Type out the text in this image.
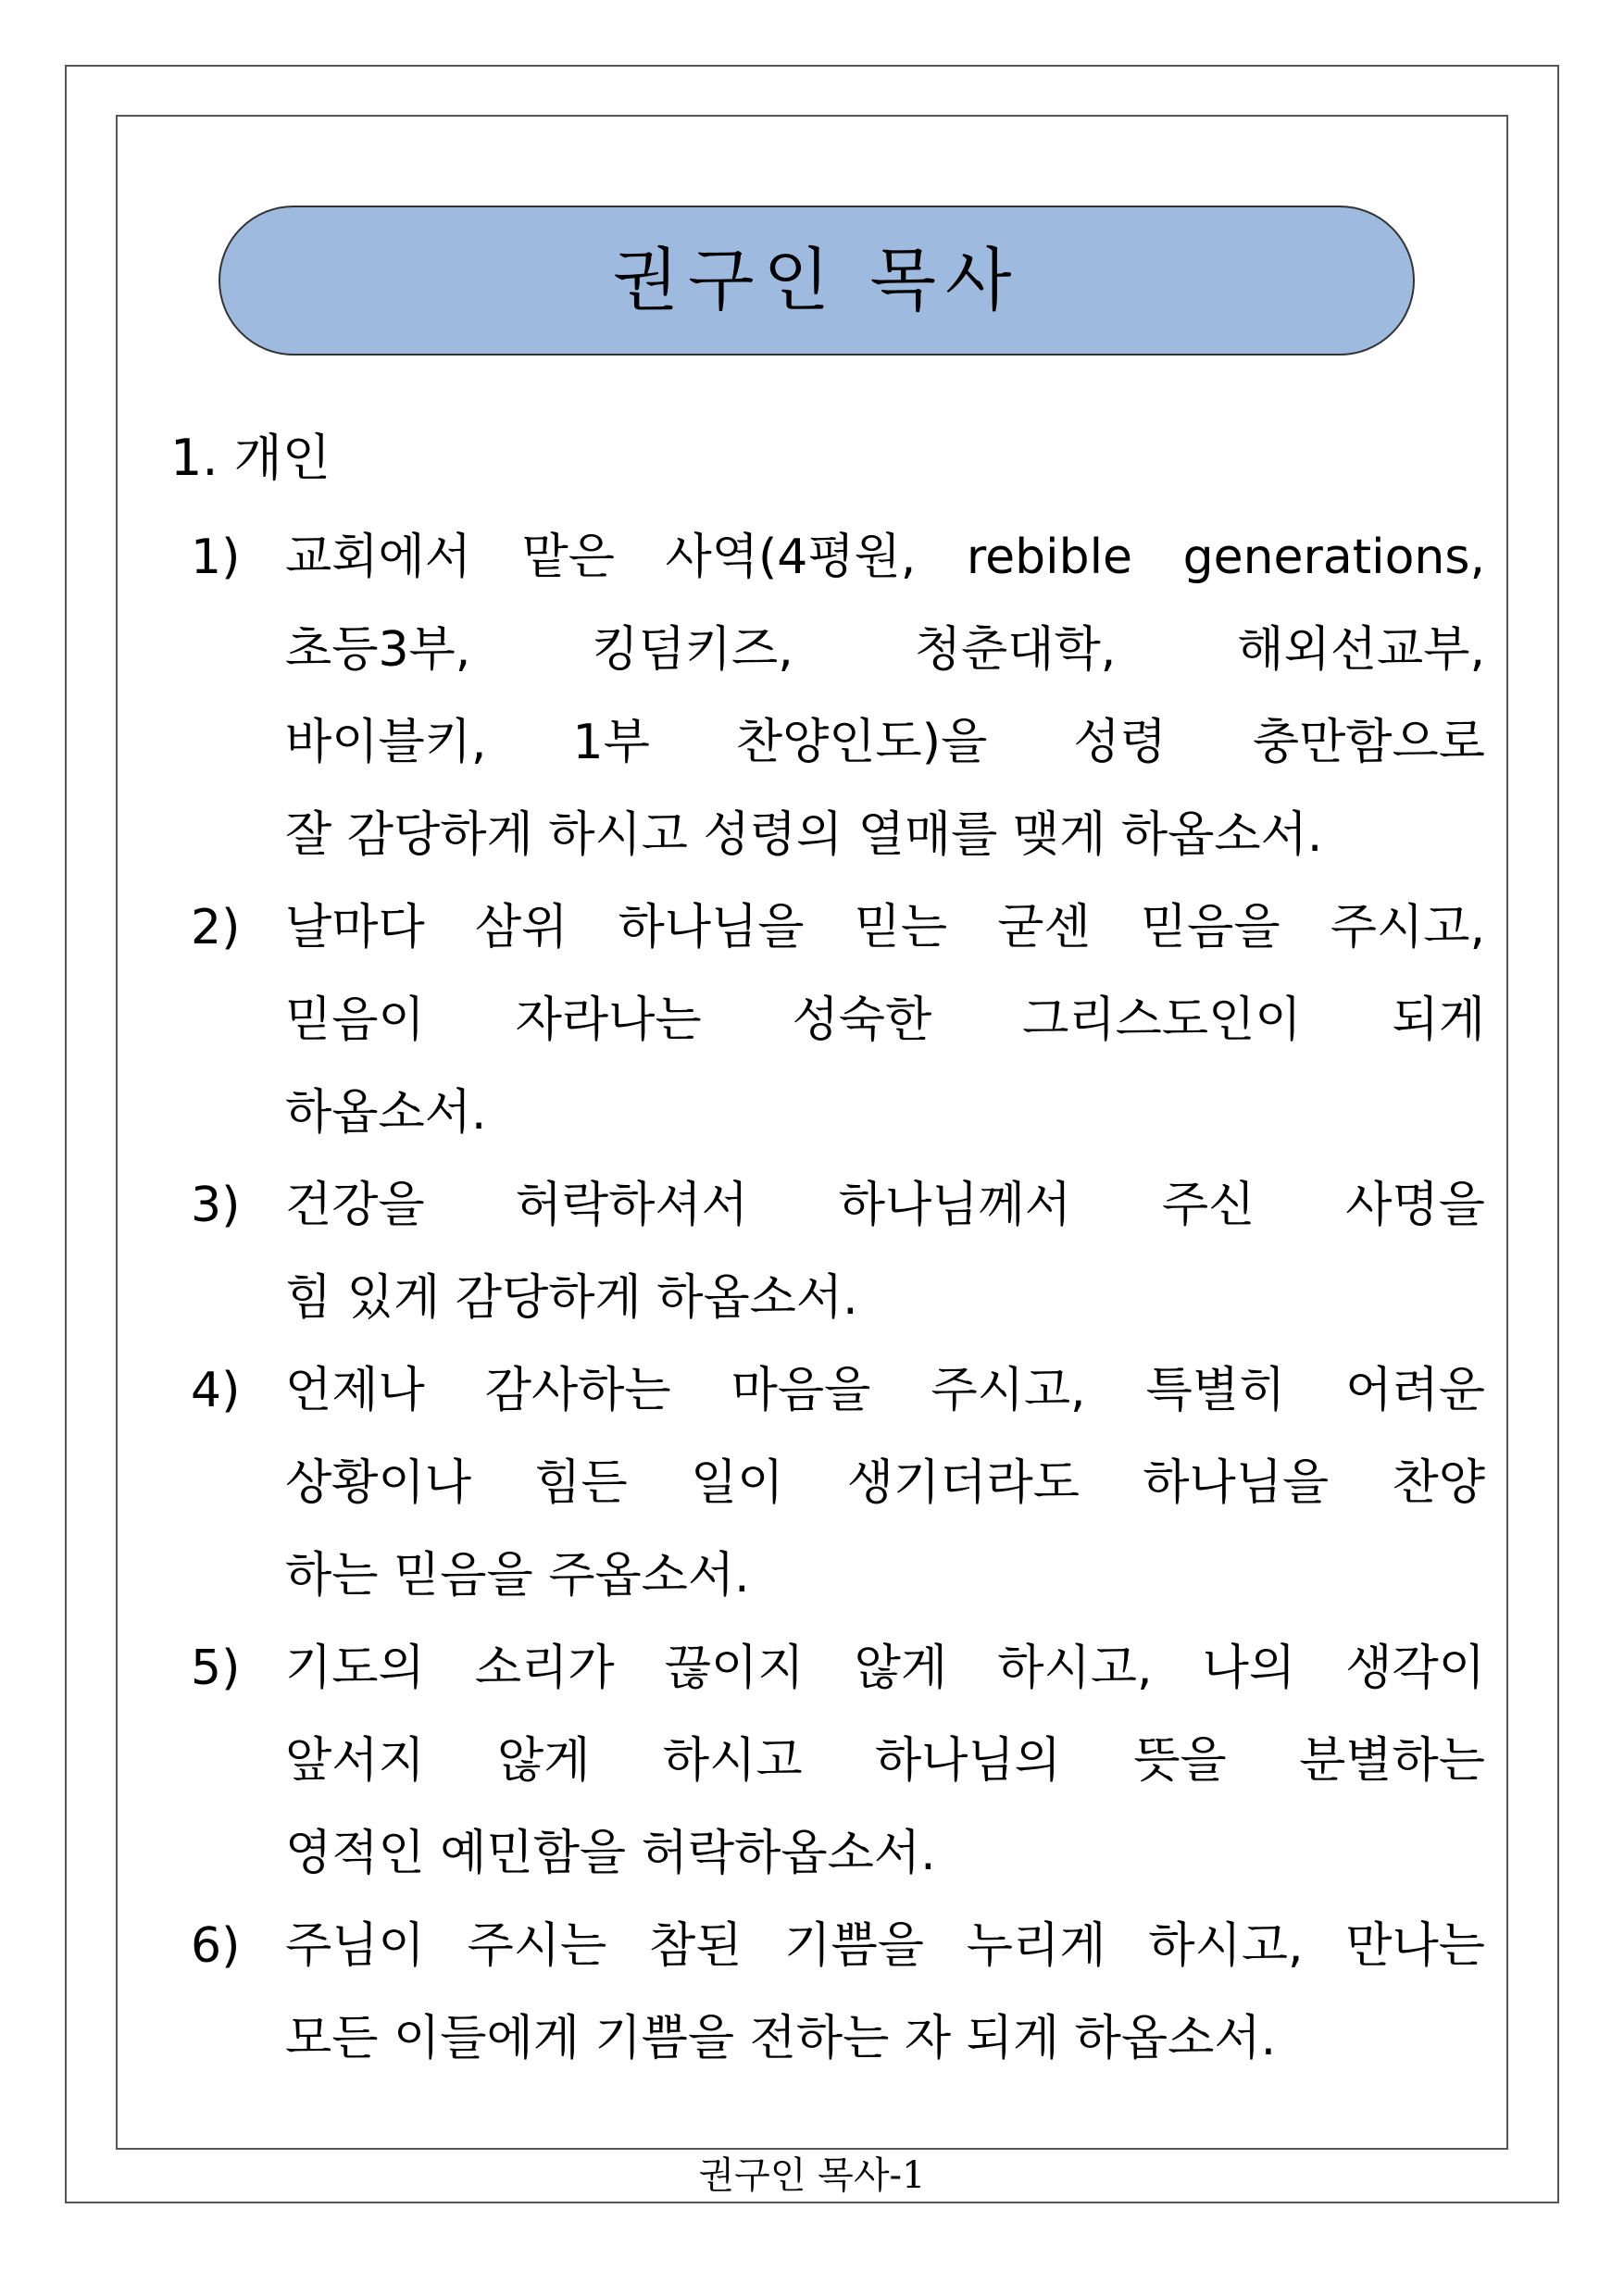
권구인 목사
1. 개인
1) 교회에서 맡은 사역(4평원, rebible generations,
초등3부, 킹덤키즈, 청춘대학, 해외선교부,
바이블키, 1부 찬양인도)을 성령 충만함으로
잘 감당하게 하시고 성령의 열매를 맺게 하옵소서.
2) 날마다 삼위 하나님을 믿는 굳센 믿음을 주시고,
믿음이 자라나는 성숙한 그리스도인이 되게
하옵소서.
3) 건강을 허락하셔서 하나님께서 주신 사명을
힘 있게 감당하게 하옵소서.
4) 언제나 감사하는 마음을 주시고, 특별히 어려운
상황이나 힘든 일이 생기더라도 하나님을 찬양
하는 믿음을 주옵소서.
5) 기도의 소리가 끊이지 않게 하시고, 나의 생각이
앞서지 않게 하시고 하나님의 뜻을 분별하는
영적인 예민함을 허락하옵소서.
6) 주님이 주시는 참된 기쁨을 누리게 하시고, 만나는
모든 이들에게 기쁨을 전하는 자 되게 하옵소서.
권구인 목사-1
